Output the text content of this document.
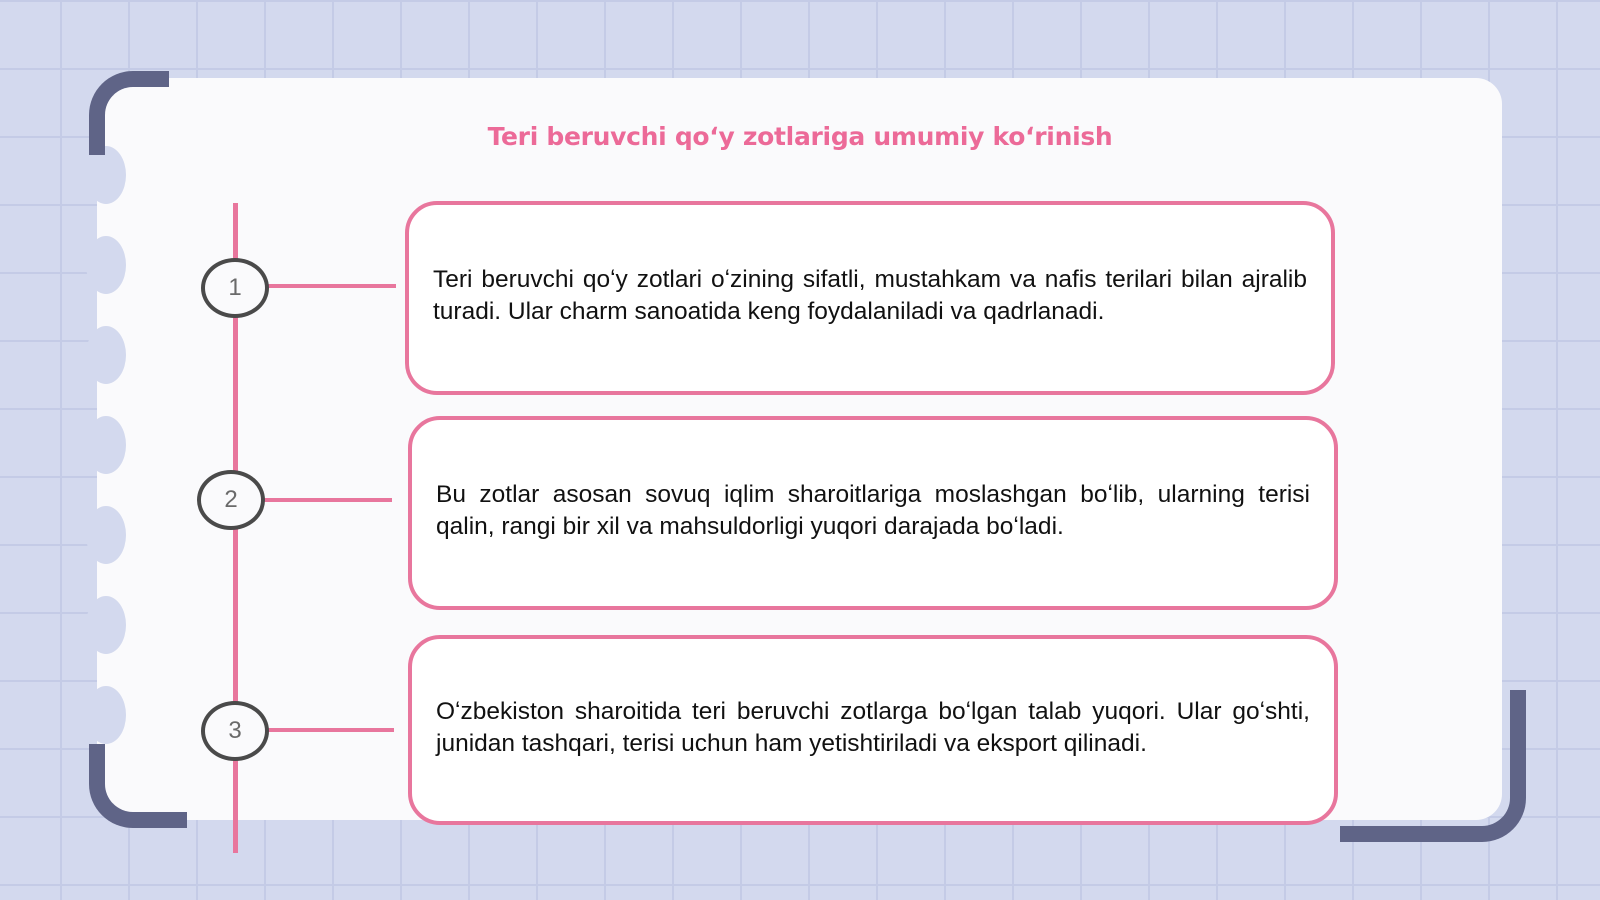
Teri beruvchi qoʻy zotlariga umumiy koʻrinish
1
2
3
Teri beruvchi qoʻy zotlari oʻzining sifatli, mustahkam va nafis terilari bilan ajralib turadi. Ular charm sanoatida keng foydalaniladi va qadrlanadi.
Bu zotlar asosan sovuq iqlim sharoitlariga moslashgan boʻlib, ularning terisi qalin, rangi bir xil va mahsuldorligi yuqori darajada boʻladi.
Oʻzbekiston sharoitida teri beruvchi zotlarga boʻlgan talab yuqori. Ular goʻshti, junidan tashqari, terisi uchun ham yetishtiriladi va eksport qilinadi.
